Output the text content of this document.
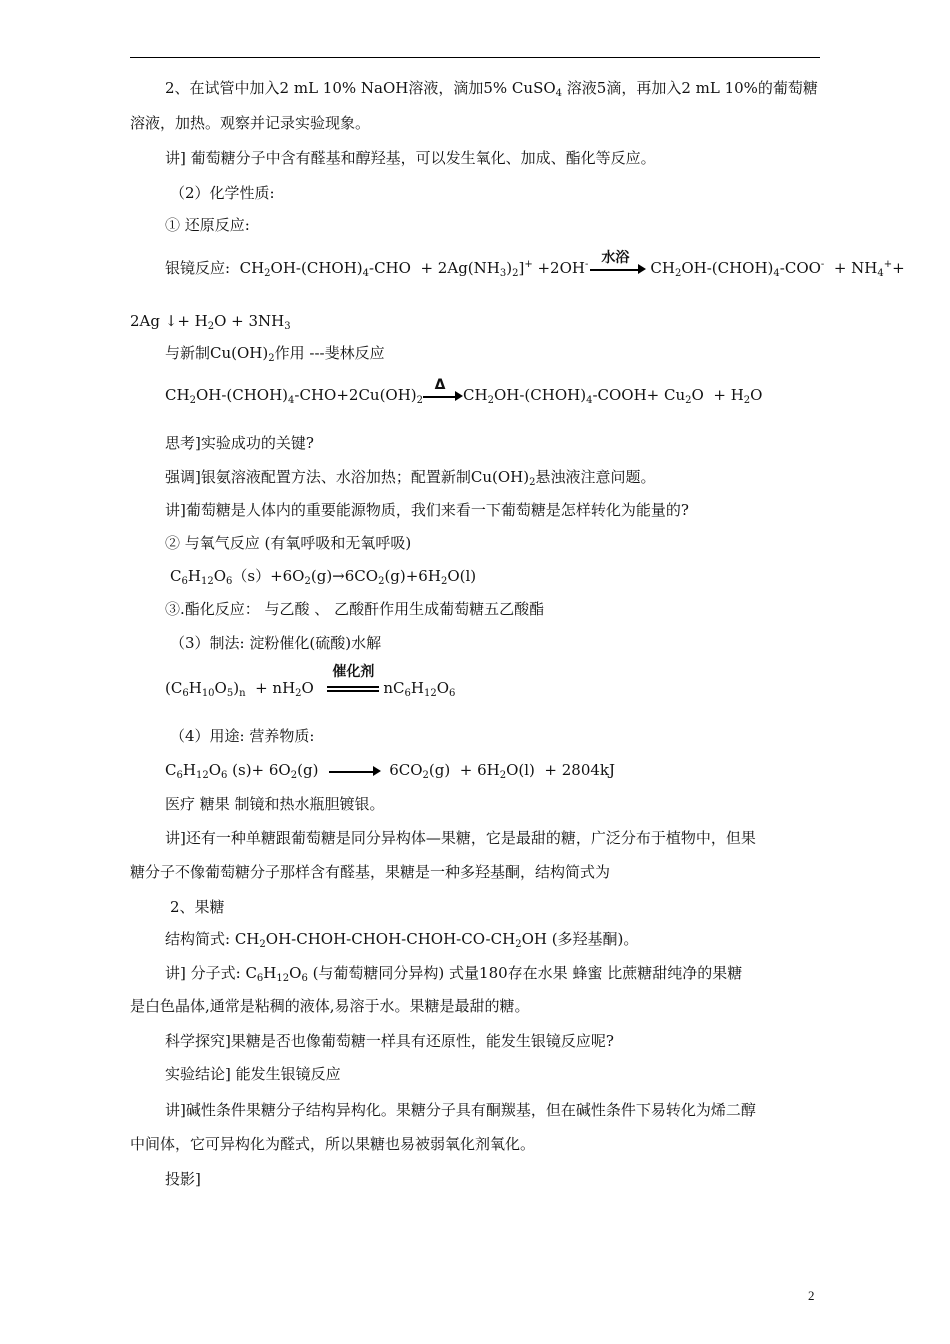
2、在试管中加入2 mL 10% NaOH溶液，滴加5% CuSO$_4$ 溶液5滴，再加入2 mL 10%的葡萄糖
溶液，加热。观察并记录实验现象。
讲] 葡萄糖分子中含有醛基和醇羟基，可以发生氧化、加成、酯化等反应。
（2）化学性质:
① 还原反应:
银镜反应:  $CH_2OH-(CHOH)_4$-CHO  + $2Ag(NH_3)_2]^+ +2OH^-$ 水浴
$CH_2OH-(CHOH)_4-COO^- + NH_4^++$
2Ag ↓+ $H_2O + 3NH_3$
与新制$Cu(OH)_2$作用 ---斐林反应
$CH_2OH-(CHOH)_4-CHO+2Cu(OH)_2$
Δ
$CH_2OH-(CHOH)_4-COOH+ Cu_2O + H_2O$
思考]实验成功的关键?
强调]银氨溶液配置方法、水浴加热；配置新制$Cu(OH)_2$悬浊液注意问题。
讲]葡萄糖是人体内的重要能源物质，我们来看一下葡萄糖是怎样转化为能量的?
② 与氧气反应 (有氧呼吸和无氧呼吸)
$C_6H_{12}O_6(s)+6O_2(g)\to 6CO_2(g)+6H_2O(l)$
③.酯化反应： 与乙酸 、 乙酸酐作用生成葡萄糖五乙酸酯
（3）制法: 淀粉催化(硫酸)水解
$(C_6H_{10}O_5)_n + nH_2O$
催化剂
$nC_6H_{12}O_6$
（4）用途: 营养物质:
$C_6H_{12}O_6$ $(s)+ 6O_2(g)$	$6CO_2(g) + 6H_2O(l) + 2804kJ$
医疗 糖果 制镜和热水瓶胆镀银。
讲]还有一种单糖跟葡萄糖是同分异构体—果糖，它是最甜的糖，广泛分布于植物中，但果
糖分子不像葡萄糖分子那样含有醛基，果糖是一种多羟基酮，结构简式为
2、果糖
结构简式: $CH_2OH-CHOH-CHOH-CHOH-CO-CH_2OH$ (多羟基酮)。
讲] 分子式: $C_6H_{12}O_6$ (与葡萄糖同分异构) 式量180存在水果 蜂蜜 比蔗糖甜纯净的果糖
是白色晶体,通常是粘稠的液体,易溶于水。果糖是最甜的糖。
科学探究]果糖是否也像葡萄糖一样具有还原性，能发生银镜反应呢?
实验结论] 能发生银镜反应
讲]碱性条件果糖分子结构异构化。果糖分子具有酮羰基，但在碱性条件下易转化为烯二醇
中间体，它可异构化为醛式，所以果糖也易被弱氧化剂氧化。
投影]
2
